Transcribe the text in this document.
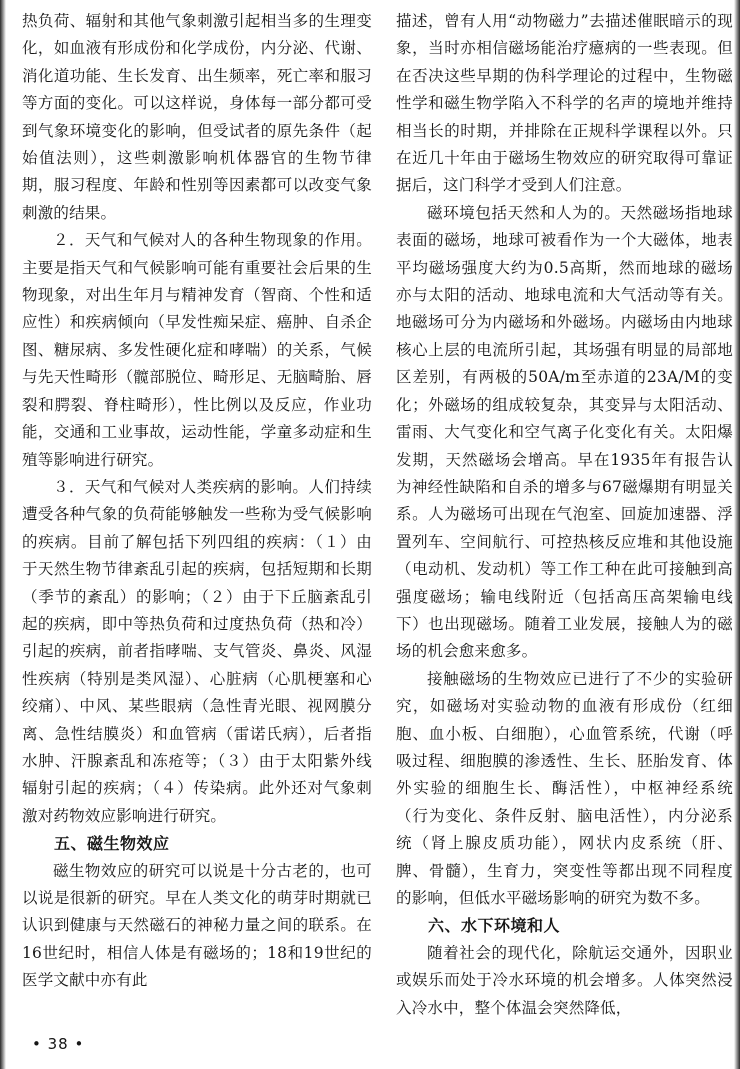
热负荷、辐射和其他气象刺激引起相当多的生理变化，如血液有形成份和化学成份，内分泌、代谢、消化道功能、生长发育、出生频率，死亡率和服习等方面的变化。可以这样说，身体每一部分都可受到气象环境变化的影响，但受试者的原先条件（起始值法则），这些刺激影响机体器官的生物节律期，服习程度、年龄和性别等因素都可以改变气象刺激的结果。

２．天气和气候对人的各种生物现象的作用。主要是指天气和气候影响可能有重要社会后果的生物现象，对出生年月与精神发育（智商、个性和适应性）和疾病倾向（早发性痴呆症、癌肿、自杀企图、糖尿病、多发性硬化症和哮喘）的关系，气候与先天性畸形（髋部脱位、畸形足、无脑畸胎、唇裂和腭裂、脊柱畸形），性比例以及反应，作业功能，交通和工业事故，运动性能，学童多动症和生殖等影响进行研究。

３．天气和气候对人类疾病的影响。人们持续遭受各种气象的负荷能够触发一些称为受气候影响的疾病。目前了解包括下列四组的疾病：（１）由于天然生物节律紊乱引起的疾病，包括短期和长期（季节的紊乱）的影响；（２）由于下丘脑紊乱引起的疾病，即中等热负荷和过度热负荷（热和冷）引起的疾病，前者指哮喘、支气管炎、鼻炎、风湿性疾病（特别是类风湿）、心脏病（心肌梗塞和心绞痛）、中风、某些眼病（急性青光眼、视网膜分离、急性结膜炎）和血管病（雷诺氏病），后者指水肿、汗腺紊乱和冻疮等；（３）由于太阳紫外线辐射引起的疾病；（４）传染病。此外还对气象刺激对药物效应影响进行研究。

五、磁生物效应

磁生物效应的研究可以说是十分古老的，也可以说是很新的研究。早在人类文化的萌芽时期就已认识到健康与天然磁石的神秘力量之间的联系。在16世纪时，相信人体是有磁场的；18和19世纪的医学文献中亦有此

描述，曾有人用“动物磁力”去描述催眠暗示的现象，当时亦相信磁场能治疗癔病的一些表现。但在否决这些早期的伪科学理论的过程中，生物磁性学和磁生物学陷入不科学的名声的境地并维持相当长的时期，并排除在正规科学课程以外。只在近几十年由于磁场生物效应的研究取得可靠证据后，这门科学才受到人们注意。

磁环境包括天然和人为的。天然磁场指地球表面的磁场，地球可被看作为一个大磁体，地表平均磁场强度大约为0.5高斯，然而地球的磁场亦与太阳的活动、地球电流和大气活动等有关。地磁场可分为内磁场和外磁场。内磁场由内地球核心上层的电流所引起，其场强有明显的局部地区差别，有两极的50A/m至赤道的23A/M的变化；外磁场的组成较复杂，其变异与太阳活动、雷雨、大气变化和空气离子化变化有关。太阳爆发期，天然磁场会增高。早在1935年有报告认为神经性缺陷和自杀的增多与67磁爆期有明显关系。人为磁场可出现在气泡室、回旋加速器、浮置列车、空间航行、可控热核反应堆和其他设施（电动机、发动机）等工作工种在此可接触到高强度磁场；输电线附近（包括高压高架输电线下）也出现磁场。随着工业发展，接触人为的磁场的机会愈来愈多。

接触磁场的生物效应已进行了不少的实验研究，如磁场对实验动物的血液有形成份（红细胞、血小板、白细胞），心血管系统，代谢（呼吸过程、细胞膜的渗透性、生长、胚胎发育、体外实验的细胞生长、酶活性），中枢神经系统（行为变化、条件反射、脑电活性），内分泌系统（肾上腺皮质功能），网状内皮系统（肝、脾、骨髓），生育力，突变性等都出现不同程度的影响，但低水平磁场影响的研究为数不多。

六、水下环境和人

随着社会的现代化，除航运交通外，因职业或娱乐而处于冷水环境的机会增多。人体突然浸入冷水中，整个体温会突然降低，

• 38 •
